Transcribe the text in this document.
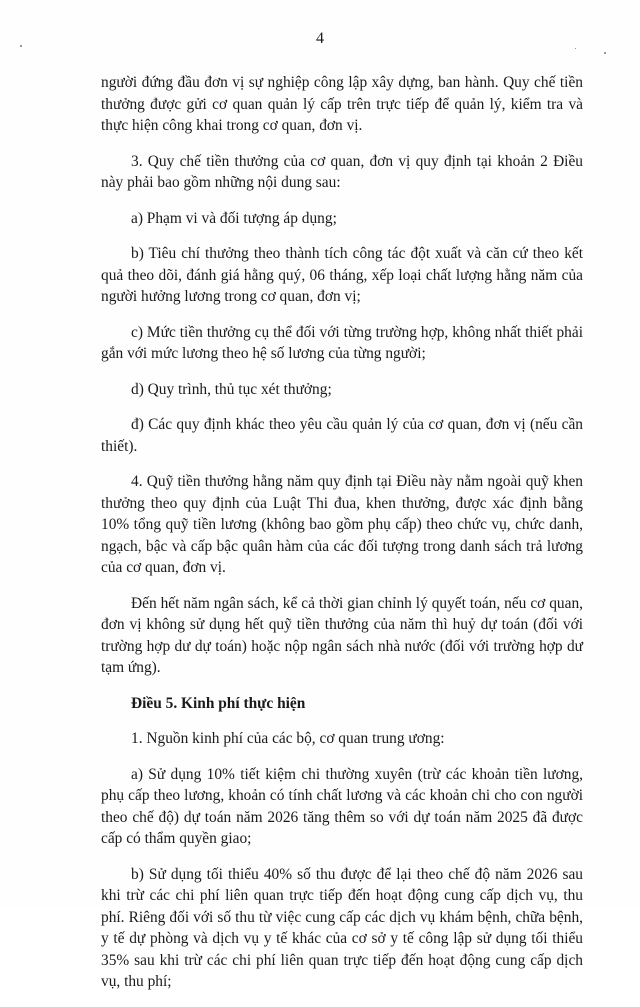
4

người đứng đầu đơn vị sự nghiệp công lập xây dựng, ban hành. Quy chế tiền thưởng được gửi cơ quan quản lý cấp trên trực tiếp để quản lý, kiểm tra và thực hiện công khai trong cơ quan, đơn vị.

3. Quy chế tiền thưởng của cơ quan, đơn vị quy định tại khoản 2 Điều này phải bao gồm những nội dung sau:

a) Phạm vi và đối tượng áp dụng;

b) Tiêu chí thưởng theo thành tích công tác đột xuất và căn cứ theo kết quả theo dõi, đánh giá hằng quý, 06 tháng, xếp loại chất lượng hằng năm của người hưởng lương trong cơ quan, đơn vị;

c) Mức tiền thưởng cụ thể đối với từng trường hợp, không nhất thiết phải gắn với mức lương theo hệ số lương của từng người;

d) Quy trình, thủ tục xét thưởng;

đ) Các quy định khác theo yêu cầu quản lý của cơ quan, đơn vị (nếu cần thiết).

4. Quỹ tiền thưởng hằng năm quy định tại Điều này nằm ngoài quỹ khen thưởng theo quy định của Luật Thi đua, khen thưởng, được xác định bằng 10% tổng quỹ tiền lương (không bao gồm phụ cấp) theo chức vụ, chức danh, ngạch, bậc và cấp bậc quân hàm của các đối tượng trong danh sách trả lương của cơ quan, đơn vị.

Đến hết năm ngân sách, kể cả thời gian chỉnh lý quyết toán, nếu cơ quan, đơn vị không sử dụng hết quỹ tiền thưởng của năm thì huỷ dự toán (đối với trường hợp dư dự toán) hoặc nộp ngân sách nhà nước (đối với trường hợp dư tạm ứng).

Điều 5. Kinh phí thực hiện

1. Nguồn kinh phí của các bộ, cơ quan trung ương:

a) Sử dụng 10% tiết kiệm chi thường xuyên (trừ các khoản tiền lương, phụ cấp theo lương, khoản có tính chất lương và các khoản chi cho con người theo chế độ) dự toán năm 2026 tăng thêm so với dự toán năm 2025 đã được cấp có thẩm quyền giao;

b) Sử dụng tối thiểu 40% số thu được để lại theo chế độ năm 2026 sau khi trừ các chi phí liên quan trực tiếp đến hoạt động cung cấp dịch vụ, thu phí. Riêng đối với số thu từ việc cung cấp các dịch vụ khám bệnh, chữa bệnh, y tế dự phòng và dịch vụ y tế khác của cơ sở y tế công lập sử dụng tối thiểu 35% sau khi trừ các chi phí liên quan trực tiếp đến hoạt động cung cấp dịch vụ, thu phí;
